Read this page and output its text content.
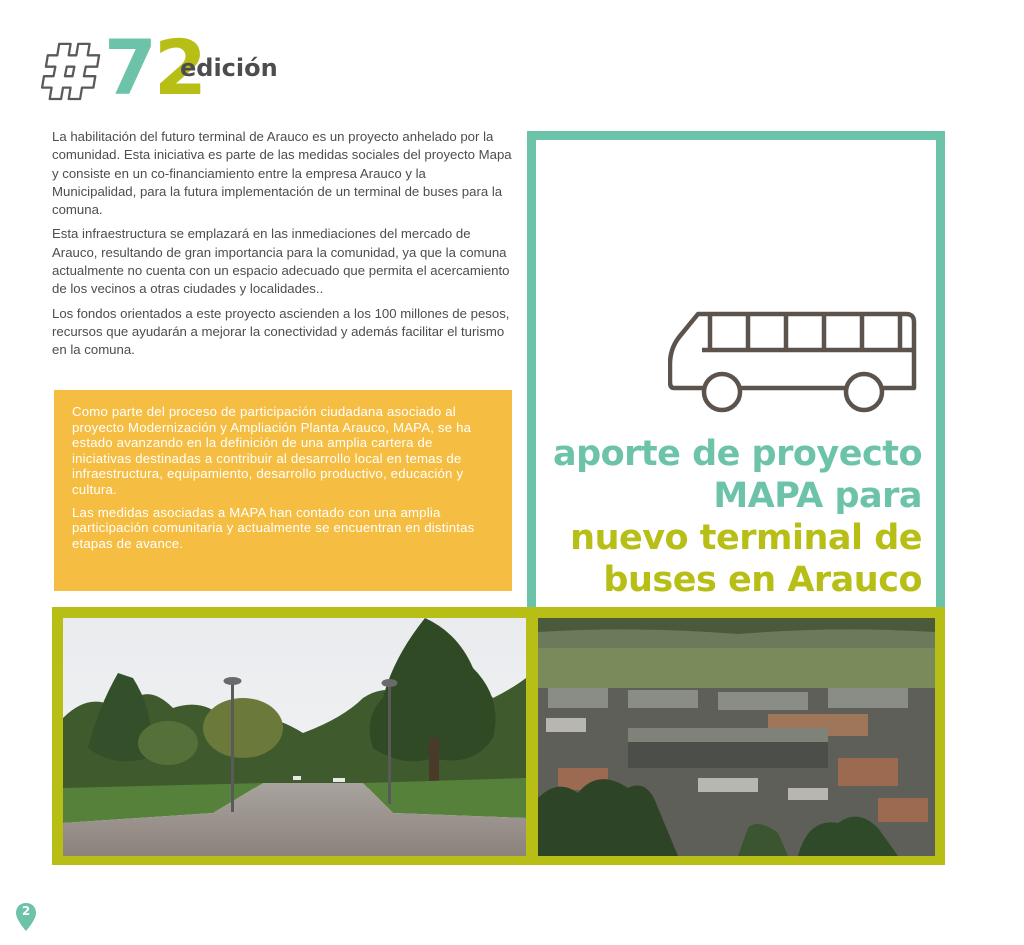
7
2
edición

La habilitación del futuro terminal de Arauco es un proyecto anhelado por la comunidad. Esta iniciativa es parte de las medidas sociales del proyecto Mapa y consiste en un co-financiamiento entre la empresa Arauco y la Municipalidad, para la futura implementación de un terminal de buses para la comuna.

Esta infraestructura se emplazará en las inmediaciones del mercado de Arauco, resultando de gran importancia para la comunidad, ya que la comuna actualmente no cuenta con un espacio adecuado que permita el acercamiento de los vecinos a otras ciudades y localidades..

Los fondos orientados a este proyecto ascienden a los 100 millones de pesos, recursos que ayudarán a mejorar la conectividad y además facilitar el turismo en la comuna.

Como parte del proceso de participación ciudadana asociado al proyecto Modernización y Ampliación Planta Arauco, MAPA, se ha estado avanzando en la definición de una amplia cartera de iniciativas destinadas a contribuir al desarrollo local en temas de infraestructura, equipamiento, desarrollo productivo, educación y cultura.

Las medidas asociadas a MAPA han contado con una amplia participación comunitaria y actualmente se encuentran en distintas etapas de avance.

aporte de proyecto
MAPA para
nuevo terminal de
buses en Arauco
2
